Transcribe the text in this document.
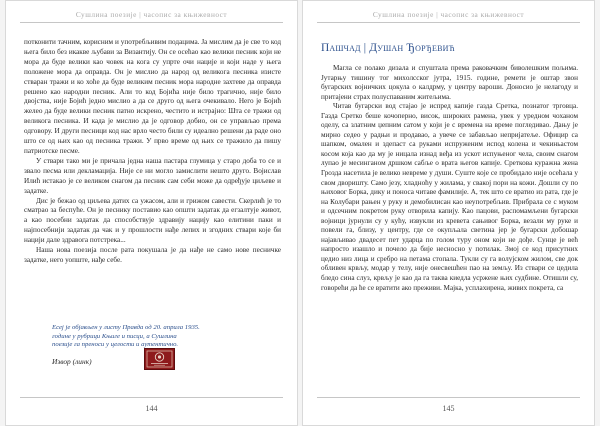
Сушлина поезије | часопис за књижевност

потконити тачним, корисним и употребљивим подацима. Ја мислим да је све то код њега било без икакве љубави за Византију. Он се осећао као велики песник који не мора да буде велики као човек на кога су упрте очи нације и који наде у њега положене мора да оправда. Он је мислио да народ од великога песника изисте стваран тражи и ко хоће да буде великим песник мора народне захтеве да оправда решено као народни песник. Али то код Бојића није било трагично, није било двојства, није Бојић једно мислио а да се друго од њега очекивало. Него је Бојић желео да буде велики песник патно искрено, честито и истрајно: Шта се тражи од великога песника. И када је мислио да је одговор добио, он се управљао према одговору. И други песници код нас врло често били су идеално решени да раде оно што се од њих као од песника тражи. У прво време од њих се тражило да пишу патриотске песме.

У ствари тако ми је причала једна наша пастара глумица у старо доба то се и звало песма или декламација. Није се ни могло замислити нешто друго. Војислав Илић истакао је се великом снагом да песник сам себи може да одређује циљеве и задатке.

Дис је бежао од циљева датих са ужасом, али и грижом савести. Скерлић је то сматрао за беспуће. Он је песнику поставио као општи задатак да егзалтује живот, а као посебни задатак да способствује здравију нацију као елитини паки и најпосебнији задатак да чак и у прошлости нађе лепих и згодних ствари које би нацији дале здравога потстрека...

Наша нова поезија после рата покушала је да нађе не само нове песничке задатке, него уопште, нађе себе.

Есеј је објављен у листу Правда од 20. априла 1935.
године у рубрици Књиге и писци, а Сушлина
поезије га преноси у целости и аутентично.
Извор (линк)
144
Сушлина поезије | часопис за књижевност
Пашчад | Душан Ђорђевић

Магла се полако дизала и спуштала према раковачким биволешким пољима. Јутарњу тишину тог миxoлсског јутра, 1915. године, ремети је оштар звон бугарских војничких цокула о калдрму, у центру вароши. Доносио је нелагоду и притајени страх полуспаваним житељима.

Читав бугарски вод стајао је испред капије газда Сретка, познатог трговца. Газда Сретко беше кочоперно, висок, широких рамена, увек у уредном чоханом оделу, са златним џепним сатом у који је с времена на време погледивао. Дању је мирно седео у радњи и продавао, а увече се забављао непријатеље. Официр са шапком, омален и здепаст са руками испруженим испод колена и чекиньастом косом која као да му је ницала изнад веђа из ускот испуњеног чела, своим снагом лупао је месинганом дршком сабље о врата његов капије. Сретковa куражнa женa Грозда насетила је велико невреме у души. Суште које се пробидало није осећала у свом дворишту. Само језу, хладноћу у жилама, у свакој пори на кожи. Дошли су по њиховог Борка, дику и поноса читаве фамилије. А, тек што се вратио из рата, где је на Колубари рањен у руку и демобилисан као неупотребљив. Прибрала се с муком и одсечним покретом руку отворила капију. Као пацови, распомамљени бугарски војници јурнули су у кућу, извукли из кревета сањивог Борка, везали му руке и повели га, близу, у центру, где се окупљала светина јер је бугарски добошар најављивао двадесет пет ударца по голом туру оном који не дође. Сунце је већ напросто изашло и почело да бије несносно у потилак. Змој се код присутних цедио низ лица и сребро на петама стопала. Тукли су га волујском жилом, све док обливен крвљу, модар у телу, није онесвешћен пао на земљу. Из ствари се цедила бледо сина слуз, крвљу је као да га таква киедла усржене њих судбине. Отишли су, говорећи да ће се вратити ако преживи. Мајка, усплахирена, живих покрета, са

145
